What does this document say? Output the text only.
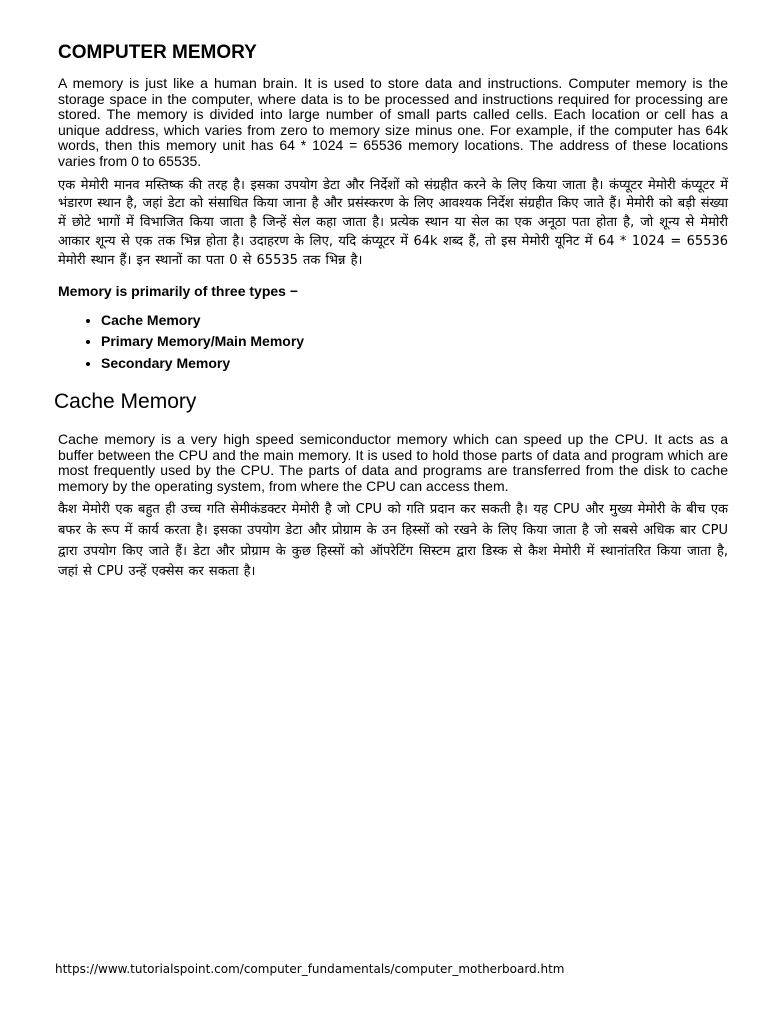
COMPUTER MEMORY

A memory is just like a human brain. It is used to store data and instructions. Computer memory is the storage space in the computer, where data is to be processed and instructions required for processing are stored. The memory is divided into large number of small parts called cells. Each location or cell has a unique address, which varies from zero to memory size minus one. For example, if the computer has 64k words, then this memory unit has 64 * 1024 = 65536 memory locations. The address of these locations varies from 0 to 65535.

एक मेमोरी मानव मस्तिष्क की तरह है। इसका उपयोग डेटा और निर्देशों को संग्रहीत करने के लिए किया जाता है। कंप्यूटर मेमोरी कंप्यूटर में भंडारण स्थान है, जहां डेटा को संसाधित किया जाना है और प्रसंस्करण के लिए आवश्यक निर्देश संग्रहीत किए जाते हैं। मेमोरी को बड़ी संख्या में छोटे भागों में विभाजित किया जाता है जिन्हें सेल कहा जाता है। प्रत्येक स्थान या सेल का एक अनूठा पता होता है, जो शून्य से मेमोरी आकार शून्य से एक तक भिन्न होता है। उदाहरण के लिए, यदि कंप्यूटर में 64k शब्द हैं, तो इस मेमोरी यूनिट में 64 * 1024 = 65536 मेमोरी स्थान हैं। इन स्थानों का पता 0 से 65535 तक भिन्न है।

Memory is primarily of three types −
• Cache Memory
• Primary Memory/Main Memory
• Secondary Memory
Cache Memory

Cache memory is a very high speed semiconductor memory which can speed up the CPU. It acts as a buffer between the CPU and the main memory. It is used to hold those parts of data and program which are most frequently used by the CPU. The parts of data and programs are transferred from the disk to cache memory by the operating system, from where the CPU can access them.

कैश मेमोरी एक बहुत ही उच्च गति सेमीकंडक्टर मेमोरी है जो CPU को गति प्रदान कर सकती है। यह CPU और मुख्य मेमोरी के बीच एक बफर के रूप में कार्य करता है। इसका उपयोग डेटा और प्रोग्राम के उन हिस्सों को रखने के लिए किया जाता है जो सबसे अधिक बार CPU द्वारा उपयोग किए जाते हैं। डेटा और प्रोग्राम के कुछ हिस्सों को ऑपरेटिंग सिस्टम द्वारा डिस्क से कैश मेमोरी में स्थानांतरित किया जाता है, जहां से CPU उन्हें एक्सेस कर सकता है।

https://www.tutorialspoint.com/computer_fundamentals/computer_motherboard.htm
